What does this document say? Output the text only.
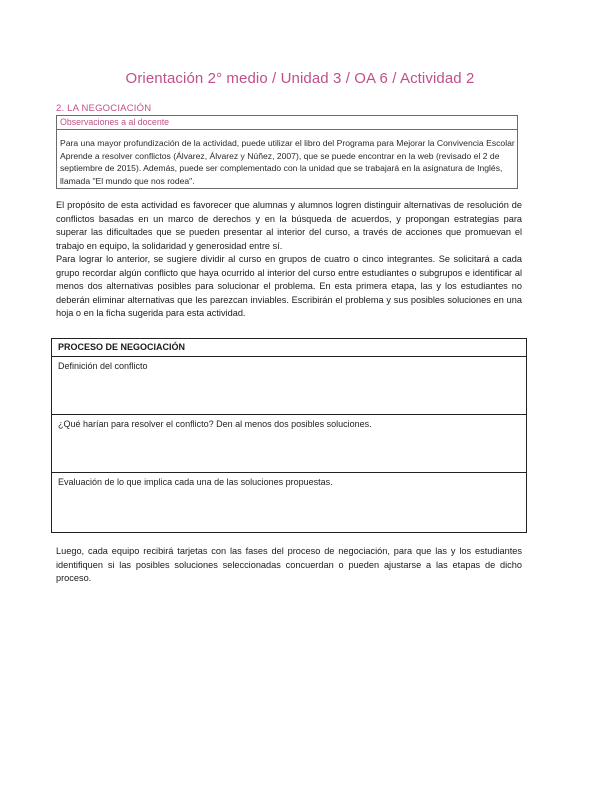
Orientación 2° medio / Unidad 3 / OA 6 / Actividad 2
2. LA NEGOCIACIÓN
Observaciones a al docente
Para una mayor profundización de la actividad, puede utilizar el libro del Programa para Mejorar la Convivencia Escolar Aprende a resolver conflictos (Álvarez, Álvarez y Núñez, 2007), que se puede encontrar en la web (revisado el 2 de septiembre de 2015). Además, puede ser complementado con la unidad que se trabajará en la asignatura de Inglés, llamada "El mundo que nos rodea".
El propósito de esta actividad es favorecer que alumnas y alumnos logren distinguir alternativas de resolución de conflictos basadas en un marco de derechos y en la búsqueda de acuerdos, y propongan estrategias para superar las dificultades que se pueden presentar al interior del curso, a través de acciones que promuevan el trabajo en equipo, la solidaridad y generosidad entre sí.
Para lograr lo anterior, se sugiere dividir al curso en grupos de cuatro o cinco integrantes. Se solicitará a cada grupo recordar algún conflicto que haya ocurrido al interior del curso entre estudiantes o subgrupos e identificar al menos dos alternativas posibles para solucionar el problema. En esta primera etapa, las y los estudiantes no deberán eliminar alternativas que les parezcan inviables. Escribirán el problema y sus posibles soluciones en una hoja o en la ficha sugerida para esta actividad.
PROCESO DE NEGOCIACIÓN
Definición del conflicto
¿Qué harían para resolver el conflicto? Den al menos dos posibles soluciones.
Evaluación de lo que implica cada una de las soluciones propuestas.
Luego, cada equipo recibirá tarjetas con las fases del proceso de negociación, para que las y los estudiantes identifiquen si las posibles soluciones seleccionadas concuerdan o pueden ajustarse a las etapas de dicho proceso.
